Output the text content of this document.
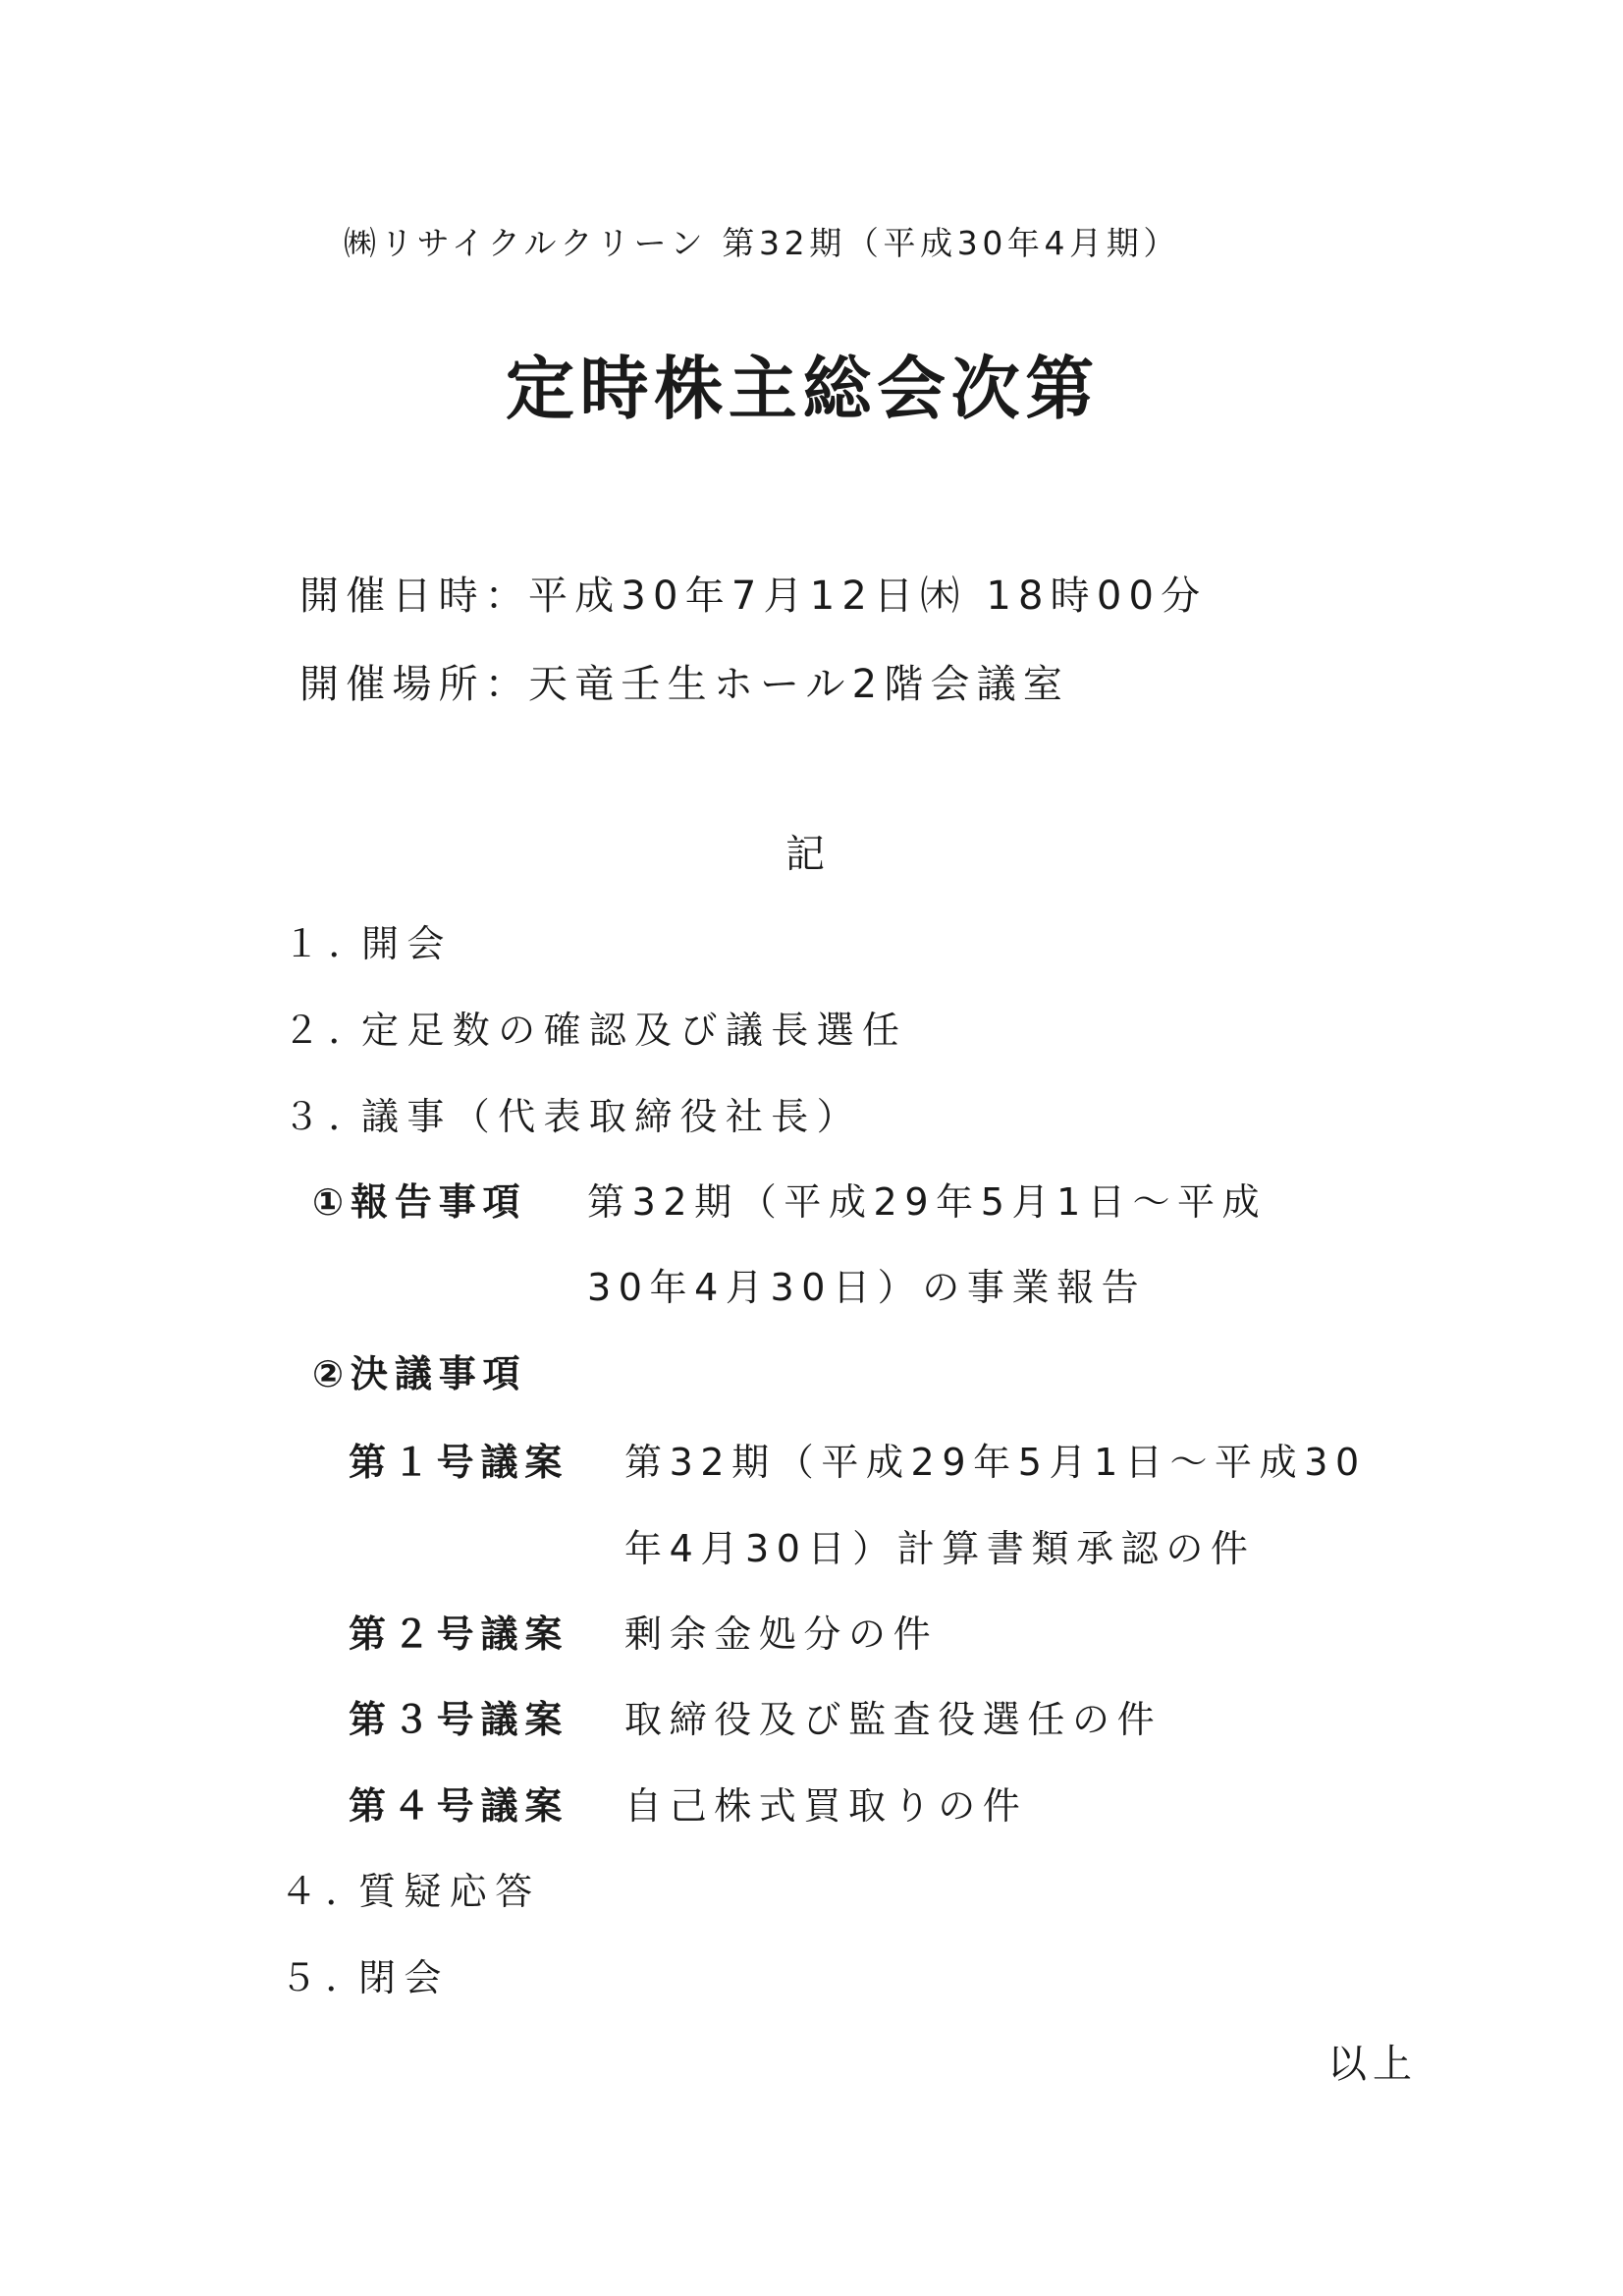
㈱リサイクルクリーン 第32期（平成30年4月期）
定時株主総会次第
開催日時：
平成30年7月12日㈭ 18時00分
開催場所：
天竜壬生ホール2階会議室
記
１．開会
２．定足数の確認及び議長選任
３．議事（代表取締役社長）
①報告事項 第32期（平成29年5月1日～平成
30年4月30日）の事業報告
②決議事項
第１号議案 第32期（平成29年5月1日～平成30
年4月30日）計算書類承認の件
第２号議案 剰余金処分の件
第３号議案 取締役及び監査役選任の件
第４号議案 自己株式買取りの件
４．質疑応答
５．閉会
以上
